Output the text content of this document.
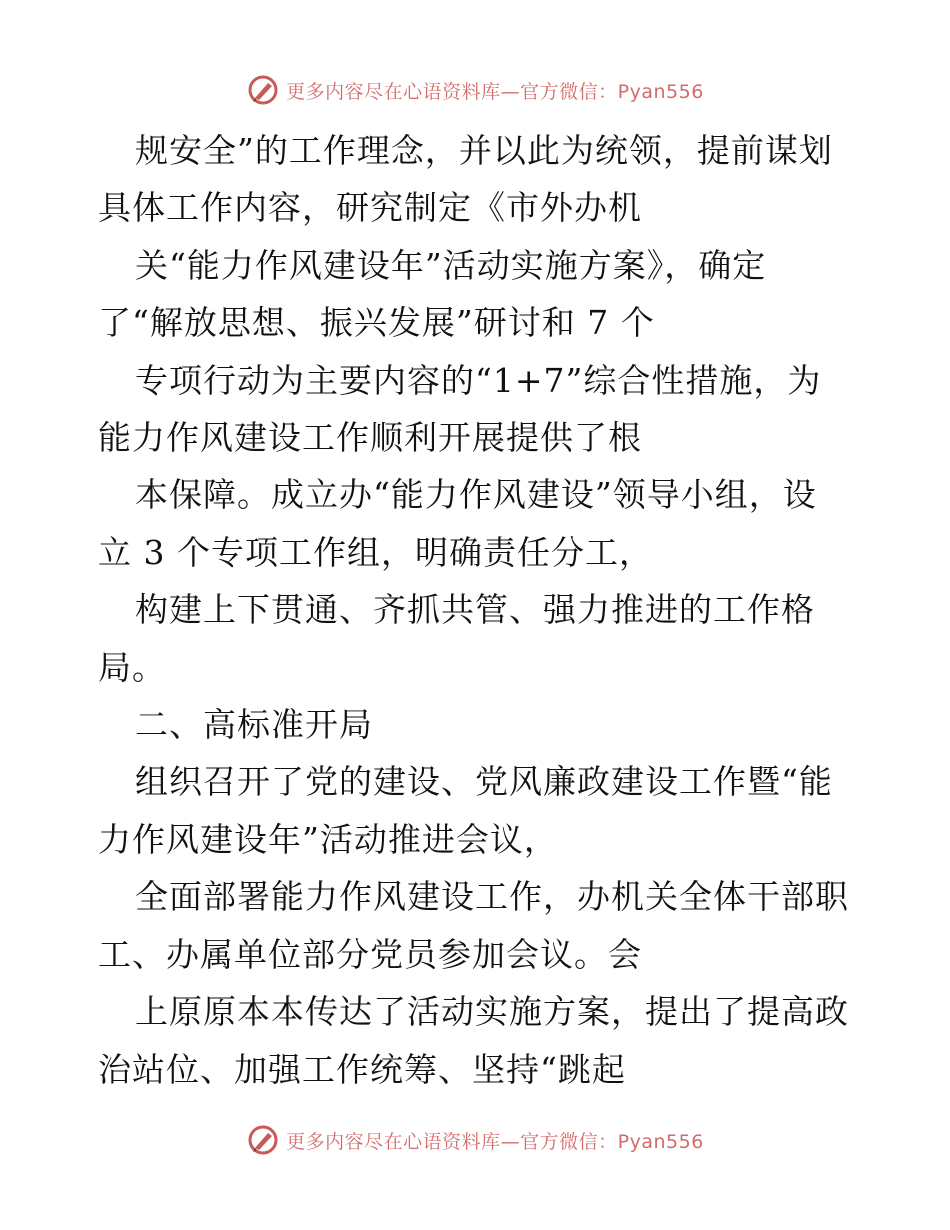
更多内容尽在心语资料库—官方微信：Pyan556
规安全”的工作理念，并以此为统领，提前谋划
具体工作内容，研究制定《市外办机
关“能力作风建设年”活动实施方案》，确定
了“解放思想、振兴发展”研讨和 7 个
专项行动为主要内容的“1+7”综合性措施，为
能力作风建设工作顺利开展提供了根
本保障。成立办“能力作风建设”领导小组，设
立 3 个专项工作组，明确责任分工，
构建上下贯通、齐抓共管、强力推进的工作格
局。
二、高标准开局
组织召开了党的建设、党风廉政建设工作暨“能
力作风建设年”活动推进会议，
全面部署能力作风建设工作，办机关全体干部职
工、办属单位部分党员参加会议。会
上原原本本传达了活动实施方案，提出了提高政
治站位、加强工作统筹、坚持“跳起
更多内容尽在心语资料库—官方微信：Pyan556
